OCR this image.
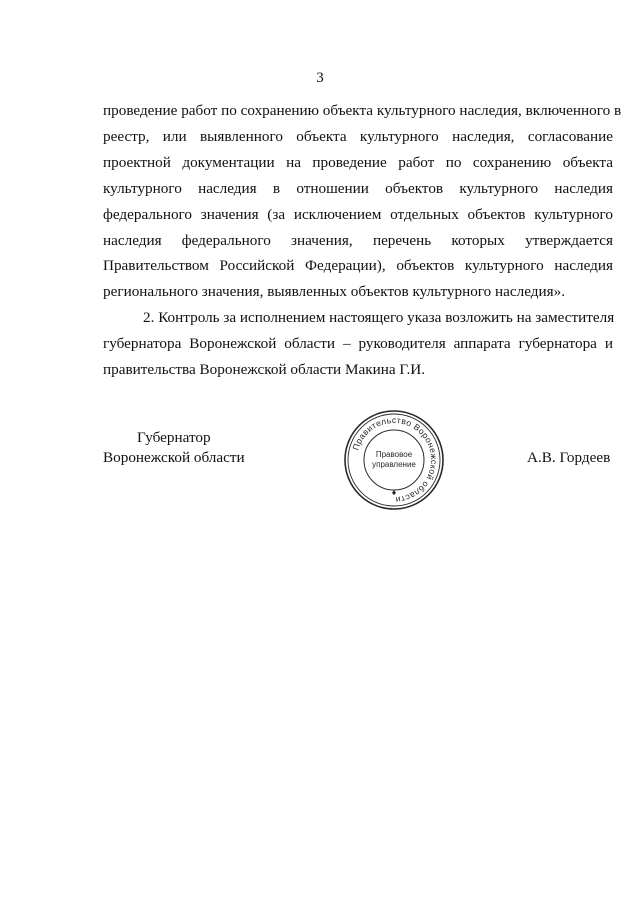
3

проведение работ по сохранению объекта культурного наследия, включенного в
реестр, или выявленного объекта культурного наследия, согласование
проектной документации на проведение работ по сохранению объекта
культурного наследия в отношении объектов культурного наследия
федерального значения (за исключением отдельных объектов культурного
наследия федерального значения, перечень которых утверждается
Правительством Российской Федерации), объектов культурного наследия
регионального значения, выявленных объектов культурного наследия».

2. Контроль за исполнением настоящего указа возложить на заместителя
губернатора Воронежской области – руководителя аппарата губернатора и
правительства Воронежской области Макина Г.И.

Губернатор
Воронежской области
Правительство Воронежской области
Правовое
управление	А.В. Гордеев
